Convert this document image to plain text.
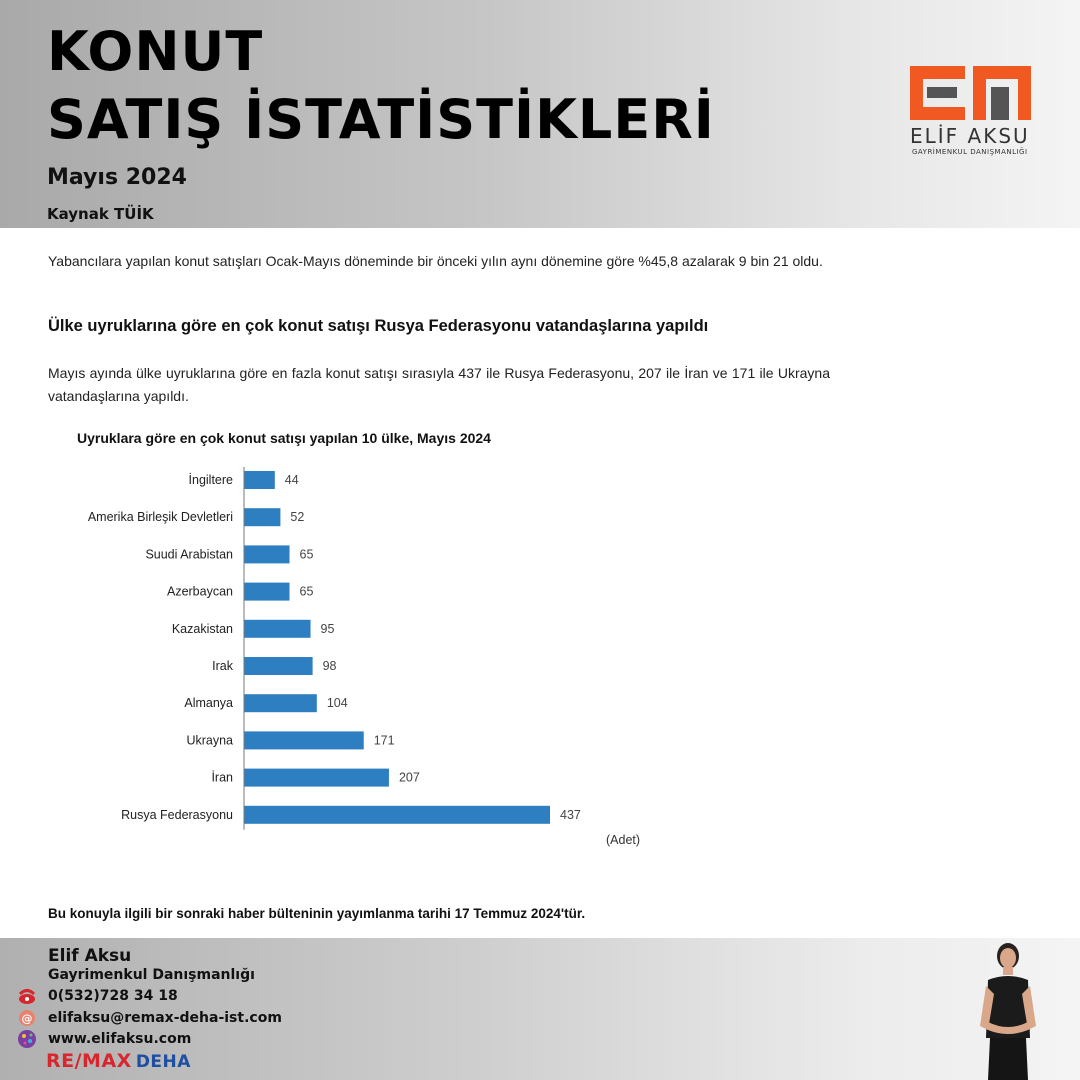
KONUT
SATIŞ İSTATİSTİKLERİ
Mayıs 2024
Kaynak TÜİK
ELİF AKSU
GAYRİMENKUL DANIŞMANLIĞI

Yabancılara yapılan konut satışları Ocak-Mayıs döneminde bir önceki yılın aynı dönemine göre %45,8 azalarak 9 bin 21 oldu.

Ülke uyruklarına göre en çok konut satışı Rusya Federasyonu vatandaşlarına yapıldı

Mayıs ayında ülke uyruklarına göre en fazla konut satışı sırasıyla 437 ile Rusya Federasyonu, 207 ile İran ve 171 ile Ukrayna vatandaşlarına yapıldı.

Uyruklara göre en çok konut satışı yapılan 10 ülke, Mayıs 2024
İngiltere	44
Amerika Birleşik Devletleri	52
Suudi Arabistan	65
Azerbaycan	65
Kazakistan	95
Irak	98
Almanya	104
Ukrayna	171
İran	207
Rusya Federasyonu	437
(Adet)
Bu konuyla ilgili bir sonraki haber bülteninin yayımlanma tarihi 17 Temmuz 2024'tür.
Elif Aksu
Gayrimenkul Danışmanlığı
0(532)728 34 18
@ elifaksu@remax-deha-ist.com
www.elifaksu.com
RE/MAX DEHA
